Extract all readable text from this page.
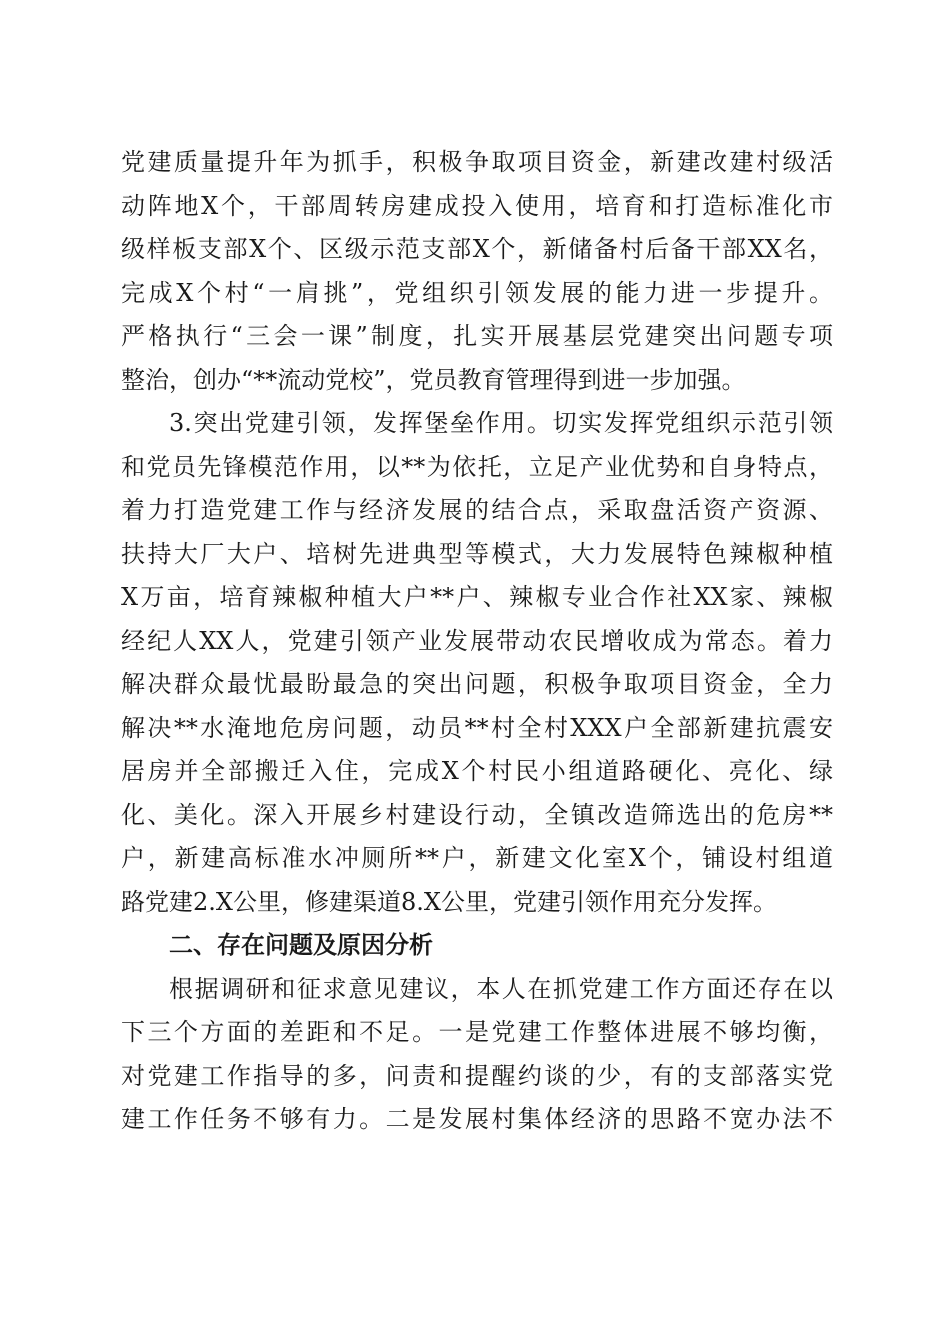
党建质量提升年为抓手，积极争取项目资金，新建改建村级活
动阵地X个，干部周转房建成投入使用，培育和打造标准化市
级样板支部X个、区级示范支部X个，新储备村后备干部XX名，
完成X个村“一肩挑”，党组织引领发展的能力进一步提升。
严格执行“三会一课”制度，扎实开展基层党建突出问题专项
整治，创办“**流动党校”，党员教育管理得到进一步加强。
3.突出党建引领，发挥堡垒作用。切实发挥党组织示范引领
和党员先锋模范作用，以**为依托，立足产业优势和自身特点，
着力打造党建工作与经济发展的结合点，采取盘活资产资源、
扶持大厂大户、培树先进典型等模式，大力发展特色辣椒种植
X万亩，培育辣椒种植大户**户、辣椒专业合作社XX家、辣椒
经纪人XX人，党建引领产业发展带动农民增收成为常态。着力
解决群众最忧最盼最急的突出问题，积极争取项目资金，全力
解决**水淹地危房问题，动员**村全村XXX户全部新建抗震安
居房并全部搬迁入住，完成X个村民小组道路硬化、亮化、绿
化、美化。深入开展乡村建设行动，全镇改造筛选出的危房**
户，新建高标准水冲厕所**户，新建文化室X个，铺设村组道
路党建2.X公里，修建渠道8.X公里，党建引领作用充分发挥。
二、存在问题及原因分析
根据调研和征求意见建议，本人在抓党建工作方面还存在以
下三个方面的差距和不足。一是党建工作整体进展不够均衡，
对党建工作指导的多，问责和提醒约谈的少，有的支部落实党
建工作任务不够有力。二是发展村集体经济的思路不宽办法不
